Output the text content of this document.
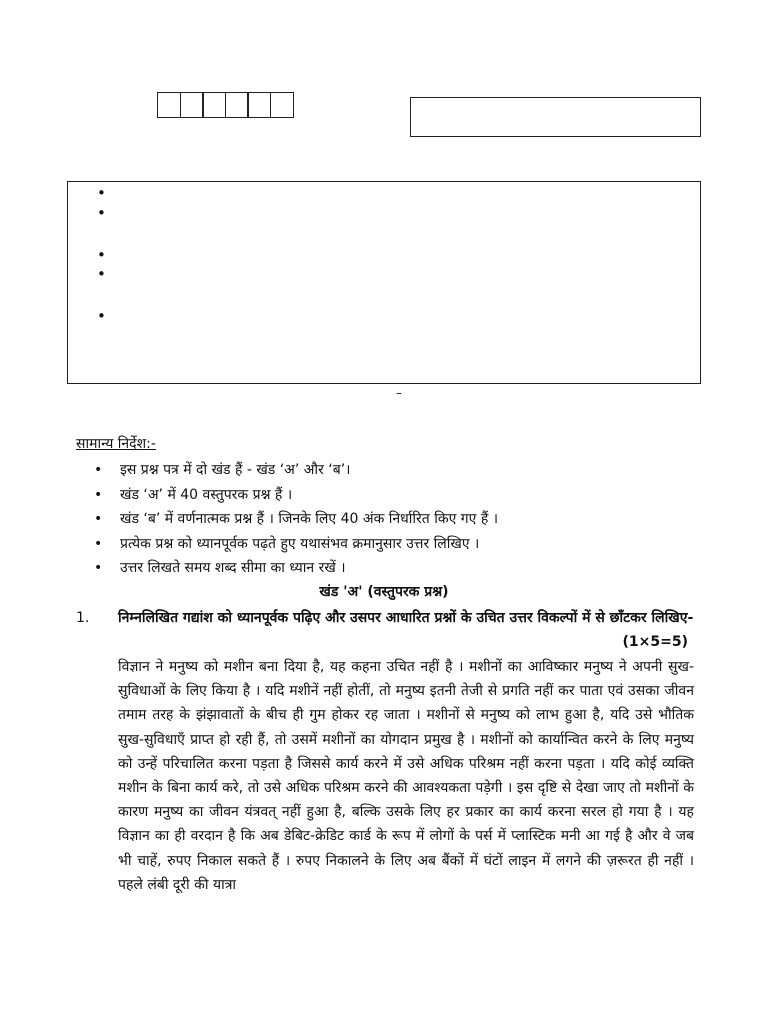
•
•
•
•
•
–
सामान्य निर्देश:-
• इस प्रश्न पत्र में दो खंड हैं - खंड ‘अ’ और ‘ब’।
• खंड ‘अ’ में 40 वस्तुपरक प्रश्न हैं ।
• खंड ‘ब’ में वर्णनात्मक प्रश्न हैं । जिनके लिए 40 अंक निर्धारित किए गए हैं ।
• प्रत्येक प्रश्न को ध्यानपूर्वक पढ़ते हुए यथासंभव क्रमानुसार उत्तर लिखिए ।
• उत्तर लिखते समय शब्द सीमा का ध्यान रखें ।
खंड 'अ' (वस्तुपरक प्रश्न)
1. निम्नलिखित गद्यांश को ध्यानपूर्वक पढ़िए और उसपर आधारित प्रश्नों के उचित उत्तर विकल्पों में से छाँटकर लिखिए-
(1×5=5)
विज्ञान ने मनुष्य को मशीन बना दिया है, यह कहना उचित नहीं है । मशीनों का आविष्कार मनुष्य ने अपनी सुख-सुविधाओं के लिए किया है । यदि मशीनें नहीं होतीं, तो मनुष्य इतनी तेजी से प्रगति नहीं कर पाता एवं उसका जीवन तमाम तरह के झंझावातों के बीच ही गुम होकर रह जाता । मशीनों से मनुष्य को लाभ हुआ है, यदि उसे भौतिक सुख-सुविधाएँ प्राप्त हो रही हैं, तो उसमें मशीनों का योगदान प्रमुख है । मशीनों को कार्यान्वित करने के लिए मनुष्य को उन्हें परिचालित करना पड़ता है जिससे कार्य करने में उसे अधिक परिश्रम नहीं करना पड़ता । यदि कोई व्यक्ति मशीन के बिना कार्य करे, तो उसे अधिक परिश्रम करने की आवश्यकता पड़ेगी । इस दृष्टि से देखा जाए तो मशीनों के कारण मनुष्य का जीवन यंत्रवत् नहीं हुआ है, बल्कि उसके लिए हर प्रकार का कार्य करना सरल हो गया है । यह विज्ञान का ही वरदान है कि अब डेबिट-क्रेडिट कार्ड के रूप में लोगों के पर्स में प्लास्टिक मनी आ गई है और वे जब भी चाहें, रुपए निकाल सकते हैं । रुपए निकालने के लिए अब बैंकों में घंटों लाइन में लगने की ज़रूरत ही नहीं । पहले लंबी दूरी की यात्रा
